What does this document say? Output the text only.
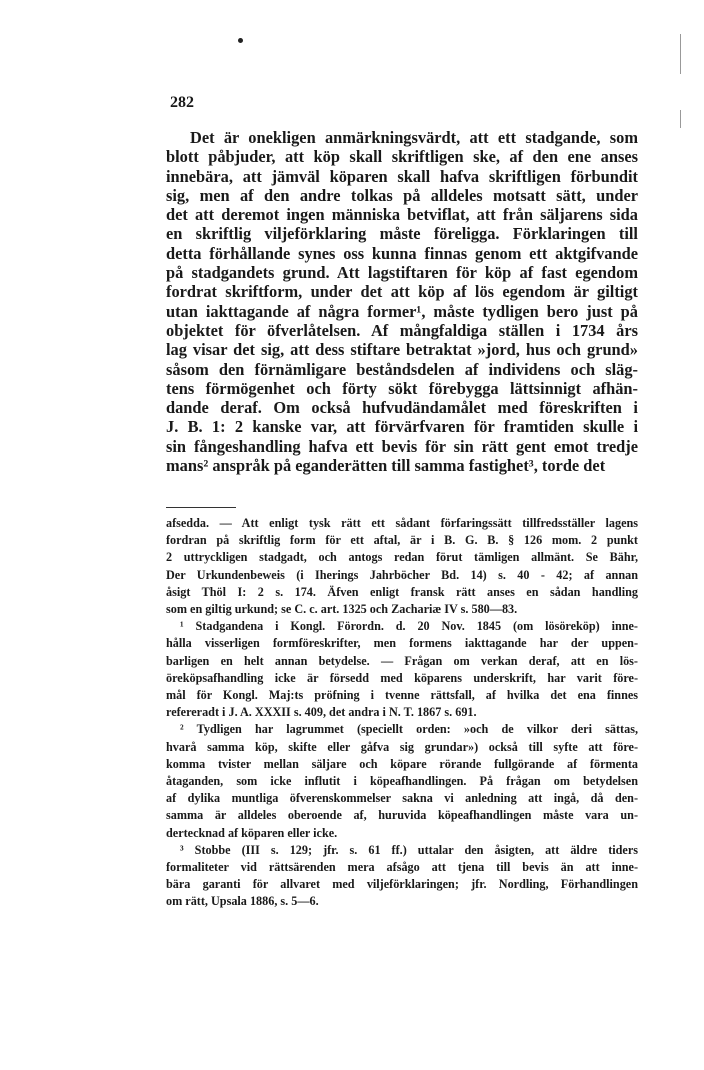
282
Det är onekligen anmärkningsvärdt, att ett stadgande, som
blott påbjuder, att köp skall skriftligen ske, af den ene anses
innebära, att jämväl köparen skall hafva skriftligen förbundit
sig, men af den andre tolkas på alldeles motsatt sätt, under
det att deremot ingen människa betviflat, att från säljarens sida
en skriftlig viljeförklaring måste föreligga. Förklaringen till
detta förhållande synes oss kunna finnas genom ett aktgifvande
på stadgandets grund. Att lagstiftaren för köp af fast egendom
fordrat skriftform, under det att köp af lös egendom är giltigt
utan iakttagande af några former¹, måste tydligen bero just på
objektet för öfverlåtelsen. Af mångfaldiga ställen i 1734 års
lag visar det sig, att dess stiftare betraktat »jord, hus och grund»
såsom den förnämligare beståndsdelen af individens och släg-
tens förmögenhet och förty sökt förebygga lättsinnigt afhän-
dande deraf. Om också hufvudändamålet med föreskriften i
J. B. 1: 2 kanske var, att förvärfvaren för framtiden skulle i
sin fångeshandling hafva ett bevis för sin rätt gent emot tredje
mans² anspråk på eganderätten till samma fastighet³, torde det
afsedda. — Att enligt tysk rätt ett sådant förfaringssätt tillfredsställer lagens
fordran på skriftlig form för ett aftal, är i B. G. B. § 126 mom. 2 punkt
2 uttryckligen stadgadt, och antogs redan förut tämligen allmänt. Se Bähr,
Der Urkundenbeweis (i Iherings Jahrböcher Bd. 14) s. 40 - 42; af annan
åsigt Thöl I: 2 s. 174. Äfven enligt fransk rätt anses en sådan handling
som en giltig urkund; se C. c. art. 1325 och Zachariæ IV s. 580—83.
¹ Stadgandena i Kongl. Förordn. d. 20 Nov. 1845 (om lösöreköp) inne-
hålla visserligen formföreskrifter, men formens iakttagande har der uppen-
barligen en helt annan betydelse. — Frågan om verkan deraf, att en lös-
öreköpsafhandling icke är försedd med köparens underskrift, har varit före-
mål för Kongl. Maj:ts pröfning i tvenne rättsfall, af hvilka det ena finnes
refereradt i J. A. XXXII s. 409, det andra i N. T. 1867 s. 691.
² Tydligen har lagrummet (speciellt orden: »och de vilkor deri sättas,
hvarå samma köp, skifte eller gåfva sig grundar») också till syfte att före-
komma tvister mellan säljare och köpare rörande fullgörande af förmenta
åtaganden, som icke influtit i köpeafhandlingen. På frågan om betydelsen
af dylika muntliga öfverenskommelser sakna vi anledning att ingå, då den-
samma är alldeles oberoende af, huruvida köpeafhandlingen måste vara un-
dertecknad af köparen eller icke.
³ Stobbe (III s. 129; jfr. s. 61 ff.) uttalar den åsigten, att äldre tiders
formaliteter vid rättsärenden mera afsågo att tjena till bevis än att inne-
bära garanti för allvaret med viljeförklaringen; jfr. Nordling, Förhandlingen
om rätt, Upsala 1886, s. 5—6.
